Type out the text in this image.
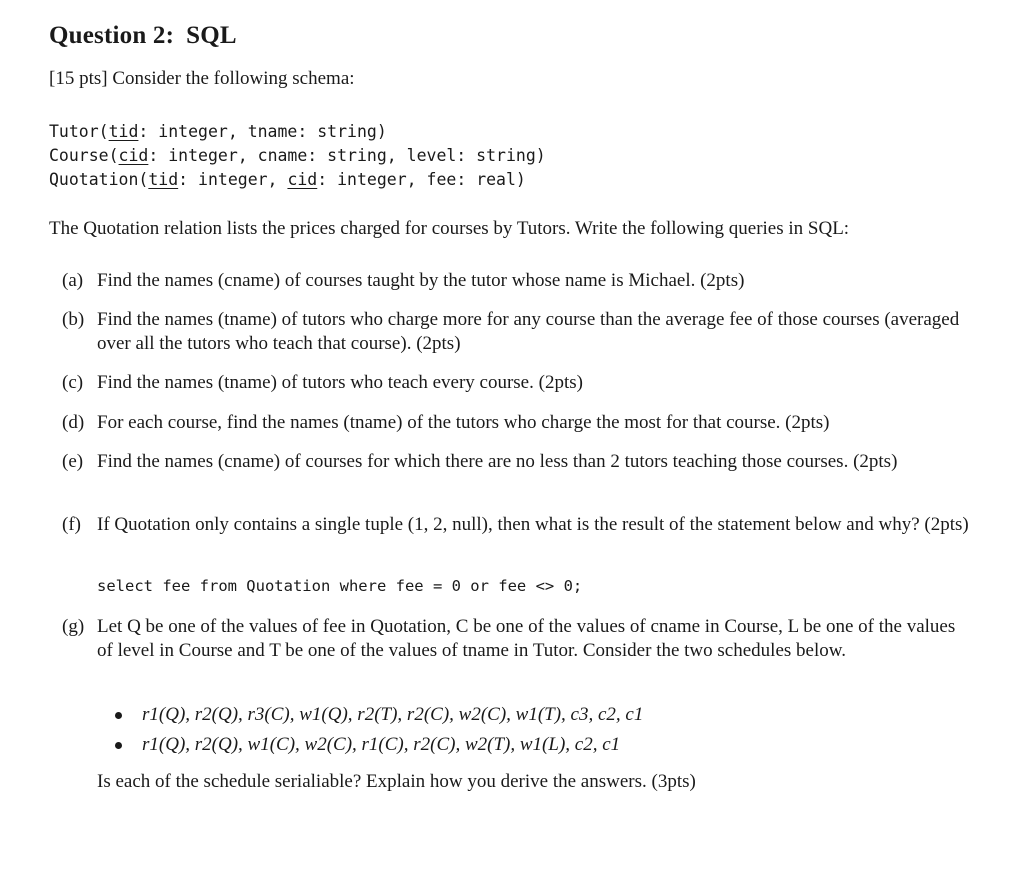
Question 2: SQL
[15 pts] Consider the following schema:
Tutor(tid: integer, tname: string)
Course(cid: integer, cname: string, level: string)
Quotation(tid: integer, cid: integer, fee: real)
The Quotation relation lists the prices charged for courses by Tutors. Write the following queries in SQL:
(a) Find the names (cname) of courses taught by the tutor whose name is Michael. (2pts)
(b) Find the names (tname) of tutors who charge more for any course than the average fee of those courses (averaged over all the tutors who teach that course). (2pts)
(c) Find the names (tname) of tutors who teach every course. (2pts)
(d) For each course, find the names (tname) of the tutors who charge the most for that course. (2pts)
(e) Find the names (cname) of courses for which there are no less than 2 tutors teaching those courses. (2pts)
(f) If Quotation only contains a single tuple (1, 2, null), then what is the result of the statement below and why? (2pts)
select fee from Quotation where fee = 0 or fee <> 0;
(g) Let Q be one of the values of fee in Quotation, C be one of the values of cname in Course, L be one of the values of level in Course and T be one of the values of tname in Tutor. Consider the two schedules below.
r1(Q), r2(Q), r3(C), w1(Q), r2(T), r2(C), w2(C), w1(T), c3, c2, c1
r1(Q), r2(Q), w1(C), w2(C), r1(C), r2(C), w2(T), w1(L), c2, c1
Is each of the schedule serialiable? Explain how you derive the answers. (3pts)
